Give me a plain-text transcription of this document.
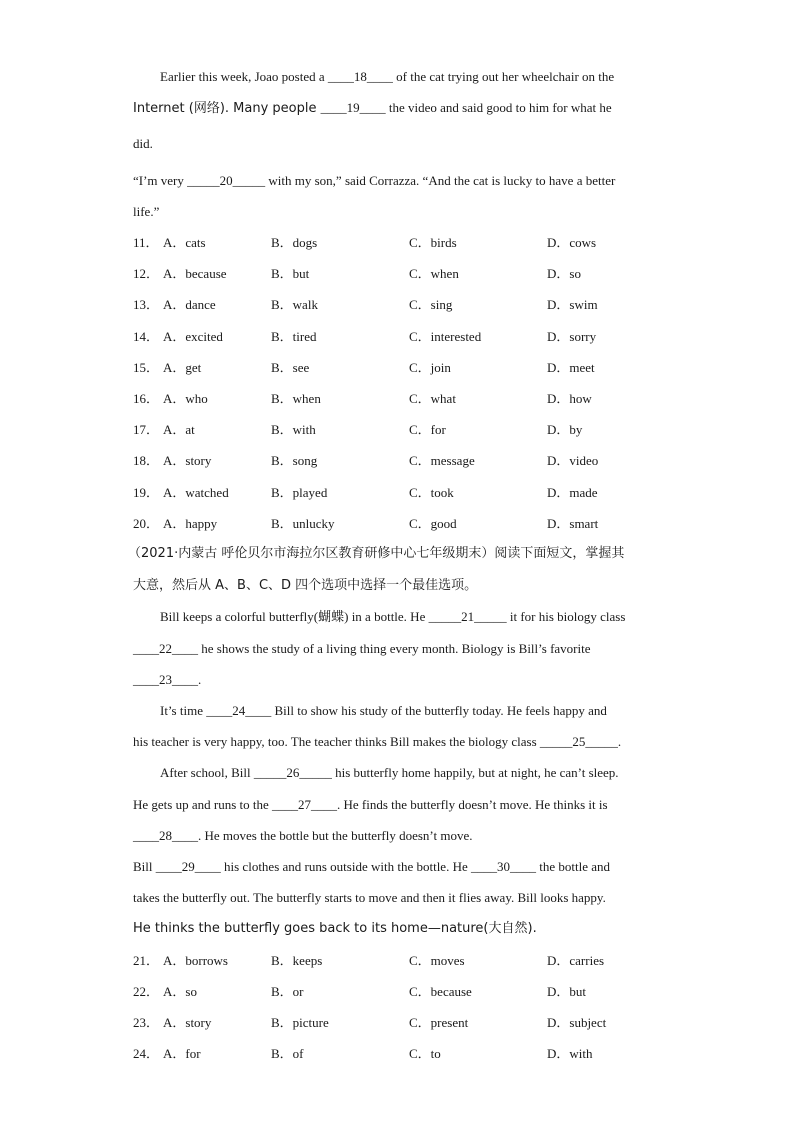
Earlier this week, Joao posted a ____18____ of the cat trying out her wheelchair on the
Internet (网络). Many people ____19____ the video and said good to him for what he
did.
“I’m very _____20_____ with my son,” said Corrazza. “And the cat is lucky to have a better
life.”
11． A．cats	B．dogs	C．birds	D．cows
12． A．because	B．but	C．when	D．so
13． A．dance	B．walk	C．sing	D．swim
14． A．excited	B．tired	C．interested	D．sorry
15． A．get	B．see	C．join	D．meet
16． A．who	B．when	C．what	D．how
17． A．at	B．with	C．for	D．by
18． A．story	B．song	C．message	D．video
19． A．watched	B．played	C．took	D．made
20． A．happy	B．unlucky	C．good	D．smart
（2021·内蒙古 呼伦贝尔市海拉尔区教育研修中心七年级期末）阅读下面短文，掌握其
大意，然后从 A、B、C、D 四个选项中选择一个最佳选项。
Bill keeps a colorful butterfly(蝴蝶) in a bottle. He _____21_____ it for his biology class
____22____ he shows the study of a living thing every month. Biology is Bill’s favorite
____23____.
It’s time ____24____ Bill to show his study of the butterfly today. He feels happy and
his teacher is very happy, too. The teacher thinks Bill makes the biology class _____25_____.
After school, Bill _____26_____ his butterfly home happily, but at night, he can’t sleep.
He gets up and runs to the ____27____. He finds the butterfly doesn’t move. He thinks it is
____28____. He moves the bottle but the butterfly doesn’t move.
Bill ____29____ his clothes and runs outside with the bottle. He ____30____ the bottle and
takes the butterfly out. The butterfly starts to move and then it flies away. Bill looks happy.
He thinks the butterfly goes back to its home—nature(大自然).
21． A．borrows	B．keeps	C．moves	D．carries
22． A．so	B．or	C．because	D．but
23． A．story	B．picture	C．present	D．subject
24． A．for	B．of	C．to	D．with
